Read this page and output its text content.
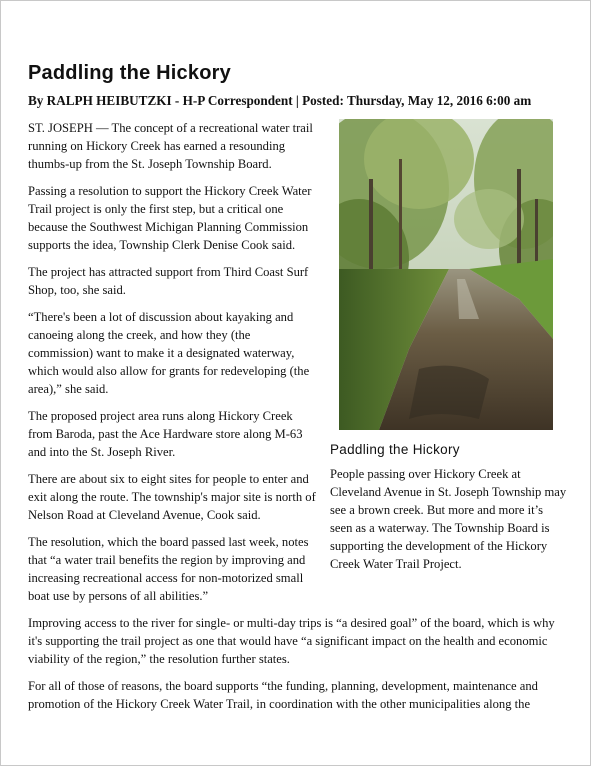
Paddling the Hickory
By RALPH HEIBUTZKI - H-P Correspondent | Posted: Thursday, May 12, 2016 6:00 am
Paddling the Hickory

People passing over Hickory Creek at Cleveland Avenue in St. Joseph Township may see a brown creek. But more and more it’s seen as a waterway. The Township Board is supporting the development of the Hickory Creek Water Trail Project.

ST. JOSEPH — The concept of a recreational water trail running on Hickory Creek has earned a resounding thumbs-up from the St. Joseph Township Board.

Passing a resolution to support the Hickory Creek Water Trail project is only the first step, but a critical one because the Southwest Michigan Planning Commission supports the idea, Township Clerk Denise Cook said.

The project has attracted support from Third Coast Surf Shop, too, she said.

“There's been a lot of discussion about kayaking and canoeing along the creek, and how they (the commission) want to make it a designated waterway, which would also allow for grants for redeveloping (the area),” she said.

The proposed project area runs along Hickory Creek from Baroda, past the Ace Hardware store along M-63 and into the St. Joseph River.

There are about six to eight sites for people to enter and exit along the route. The township's major site is north of Nelson Road at Cleveland Avenue, Cook said.

The resolution, which the board passed last week, notes that “a water trail benefits the region by improving and increasing recreational access for non-motorized small boat use by persons of all abilities.”

Improving access to the river for single- or multi-day trips is “a desired goal” of the board, which is why it's supporting the trail project as one that would have “a significant impact on the health and economic viability of the region,” the resolution further states.

For all of those of reasons, the board supports “the funding, planning, development, maintenance and promotion of the Hickory Creek Water Trail, in coordination with the other municipalities along the
